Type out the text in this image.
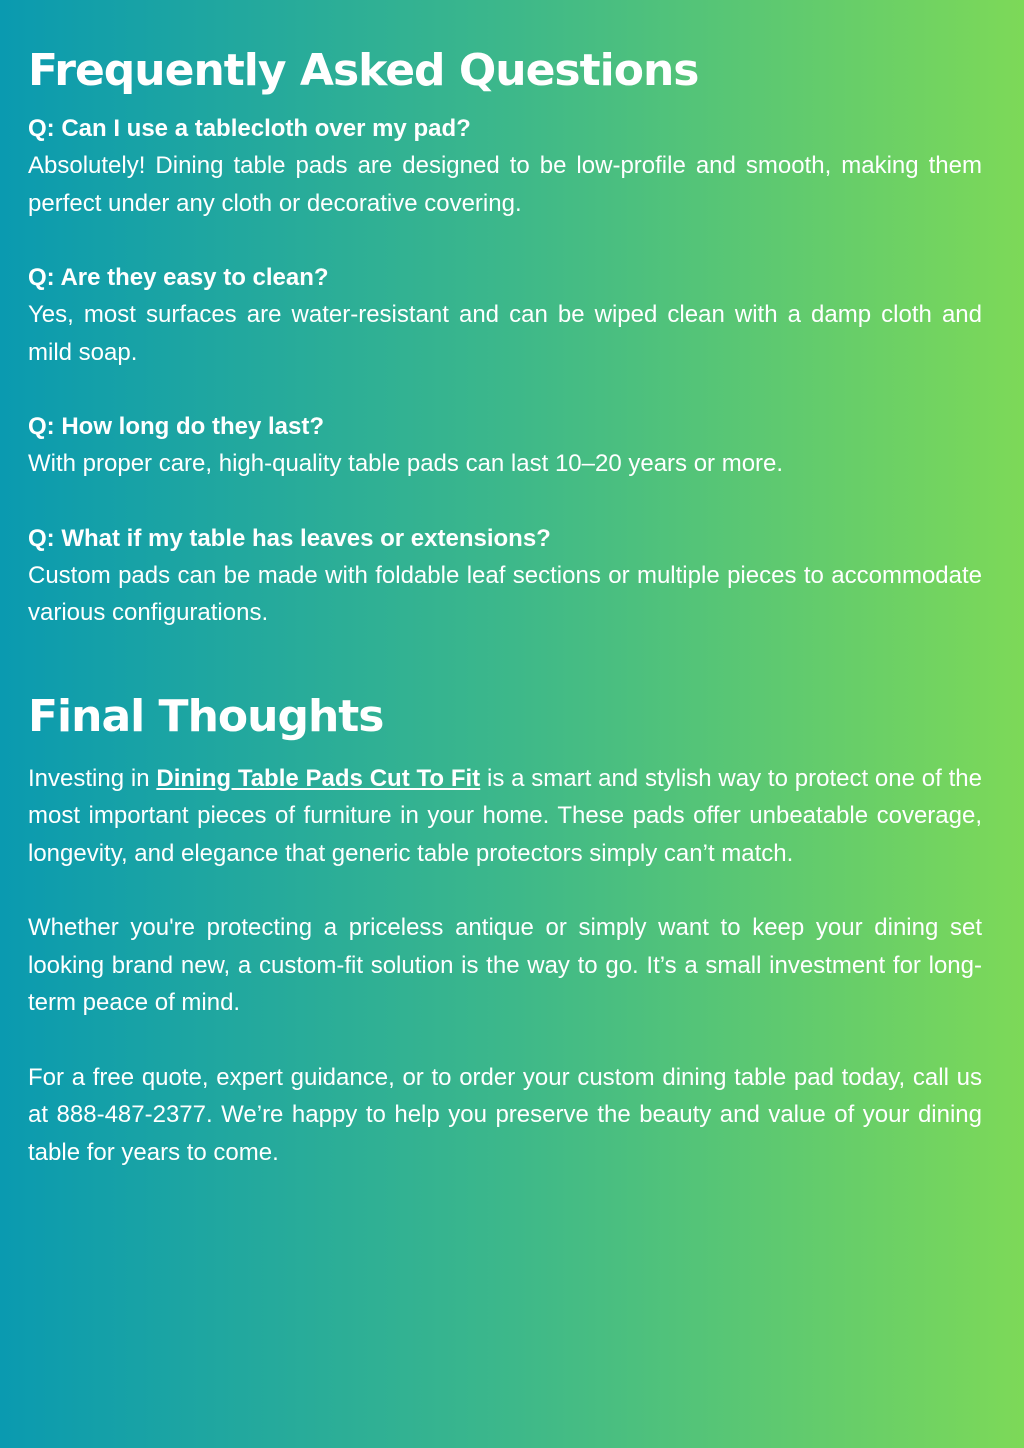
Frequently Asked Questions

Q: Can I use a tablecloth over my pad?

Absolutely! Dining table pads are designed to be low-profile and smooth, making them perfect under any cloth or decorative covering.

Q: Are they easy to clean?

Yes, most surfaces are water-resistant and can be wiped clean with a damp cloth and mild soap.

Q: How long do they last?

With proper care, high-quality table pads can last 10–20 years or more.

Q: What if my table has leaves or extensions?

Custom pads can be made with foldable leaf sections or multiple pieces to accommodate various configurations.

Final Thoughts

Investing in Dining Table Pads Cut To Fit is a smart and stylish way to protect one of the most important pieces of furniture in your home. These pads offer unbeatable coverage, longevity, and elegance that generic table protectors simply can’t match.

Whether you're protecting a priceless antique or simply want to keep your dining set looking brand new, a custom-fit solution is the way to go. It’s a small investment for long-term peace of mind.

For a free quote, expert guidance, or to order your custom dining table pad today, call us at 888-487-2377. We’re happy to help you preserve the beauty and value of your dining table for years to come.
